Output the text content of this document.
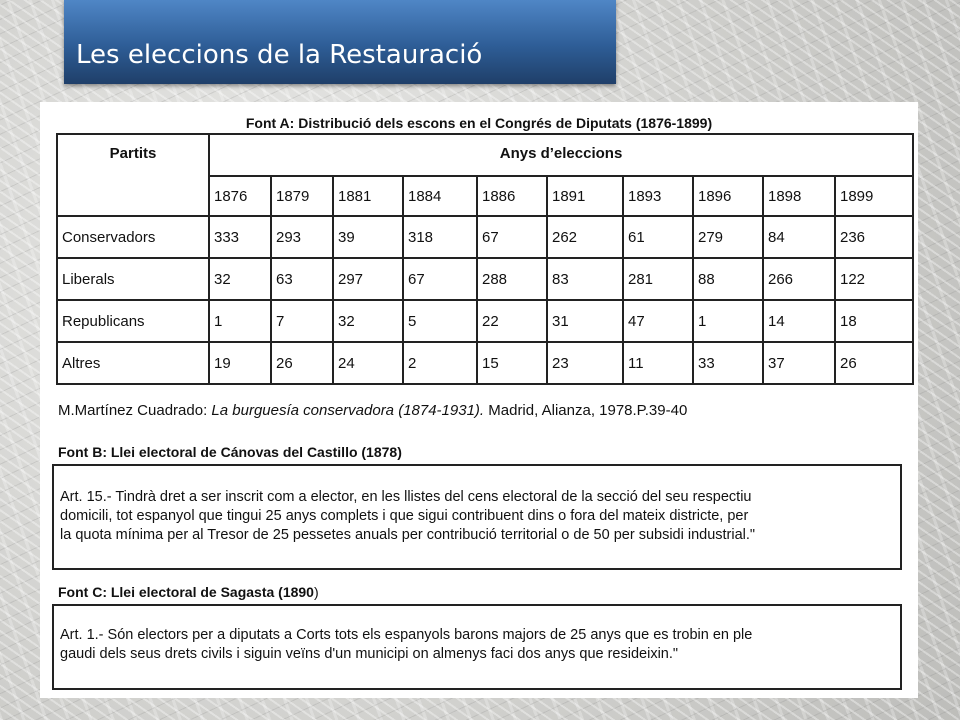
Les eleccions de la Restauració
Font A: Distribució dels escons en el Congrés de Diputats (1876-1899)
Partits	Anys d’eleccions									
	1876	1879	1881	1884	1886	1891	1893	1896	1898	1899
Conservadors	333	293	39	318	67	262	61	279	84	236
Liberals	32	63	297	67	288	83	281	88	266	122
Republicans	1	7	32	5	22	31	47	1	14	18
Altres	19	26	24	2	15	23	11	33	37	26
M.Martínez Cuadrado: La burguesía conservadora (1874-1931). Madrid, Alianza, 1978.P.39-40
Font B: Llei electoral de Cánovas del Castillo (1878)
Art. 15.- Tindrà dret a ser inscrit com a elector, en les llistes del cens electoral de la secció del seu respectiu
domicili, tot espanyol que tingui 25 anys complets i que sigui contribuent dins o fora del mateix districte, per
la quota mínima per al Tresor de 25 pessetes anuals per contribució territorial o de 50 per subsidi industrial."
Font C: Llei electoral de Sagasta (1890)
Art. 1.- Són electors per a diputats a Corts tots els espanyols barons majors de 25 anys que es trobin en ple
gaudi dels seus drets civils i siguin veïns d'un municipi on almenys faci dos anys que resideixin."
